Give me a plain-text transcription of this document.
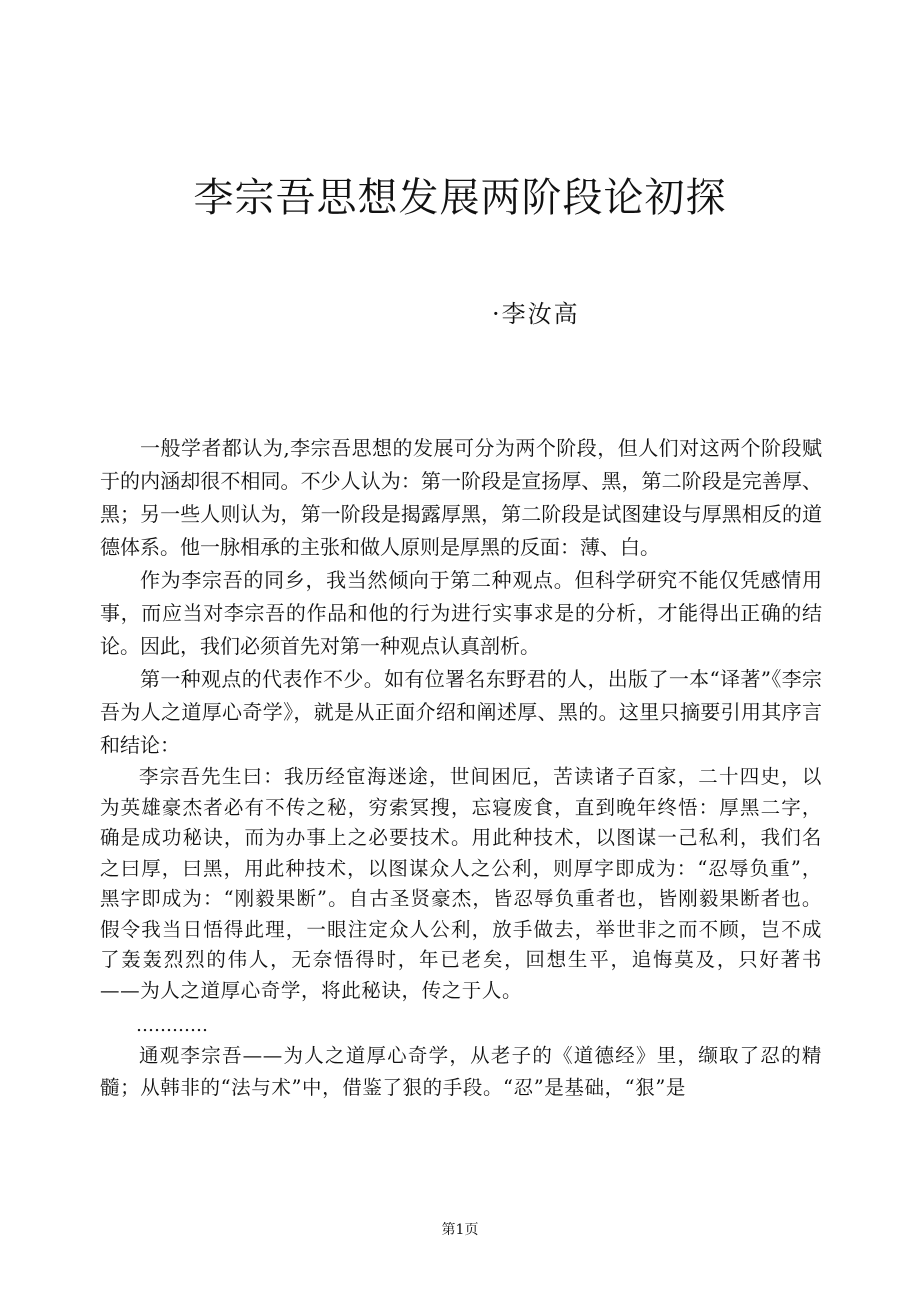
李宗吾思想发展两阶段论初探
·李汝高

一般学者都认为,李宗吾思想的发展可分为两个阶段，但人们对这两个阶段赋于的内涵却很不相同。不少人认为：第一阶段是宣扬厚、黑，第二阶段是完善厚、黑；另一些人则认为，第一阶段是揭露厚黑，第二阶段是试图建设与厚黑相反的道德体系。他一脉相承的主张和做人原则是厚黑的反面：薄、白。

作为李宗吾的同乡，我当然倾向于第二种观点。但科学研究不能仅凭感情用事，而应当对李宗吾的作品和他的行为进行实事求是的分析，才能得出正确的结论。因此，我们必须首先对第一种观点认真剖析。

第一种观点的代表作不少。如有位署名东野君的人，出版了一本“译著”《李宗吾为人之道厚心奇学》，就是从正面介绍和阐述厚、黑的。这里只摘要引用其序言和结论：

李宗吾先生曰：我历经宦海迷途，世间困厄，苦读诸子百家，二十四史，以为英雄豪杰者必有不传之秘，穷索冥搜，忘寝废食，直到晚年终悟：厚黑二字，确是成功秘诀，而为办事上之必要技术。用此种技术，以图谋一己私利，我们名之曰厚，曰黑，用此种技术，以图谋众人之公利，则厚字即成为：“忍辱负重”，黑字即成为：“刚毅果断”。自古圣贤豪杰，皆忍辱负重者也，皆刚毅果断者也。假令我当日悟得此理，一眼注定众人公利，放手做去，举世非之而不顾，岂不成了轰轰烈烈的伟人，无奈悟得时，年已老矣，回想生平，追悔莫及，只好著书——为人之道厚心奇学，将此秘诀，传之于人。

…………

通观李宗吾——为人之道厚心奇学，从老子的《道德经》里，缬取了忍的精髓；从韩非的“法与术”中，借鉴了狠的手段。“忍”是基础，“狠”是

第1页
